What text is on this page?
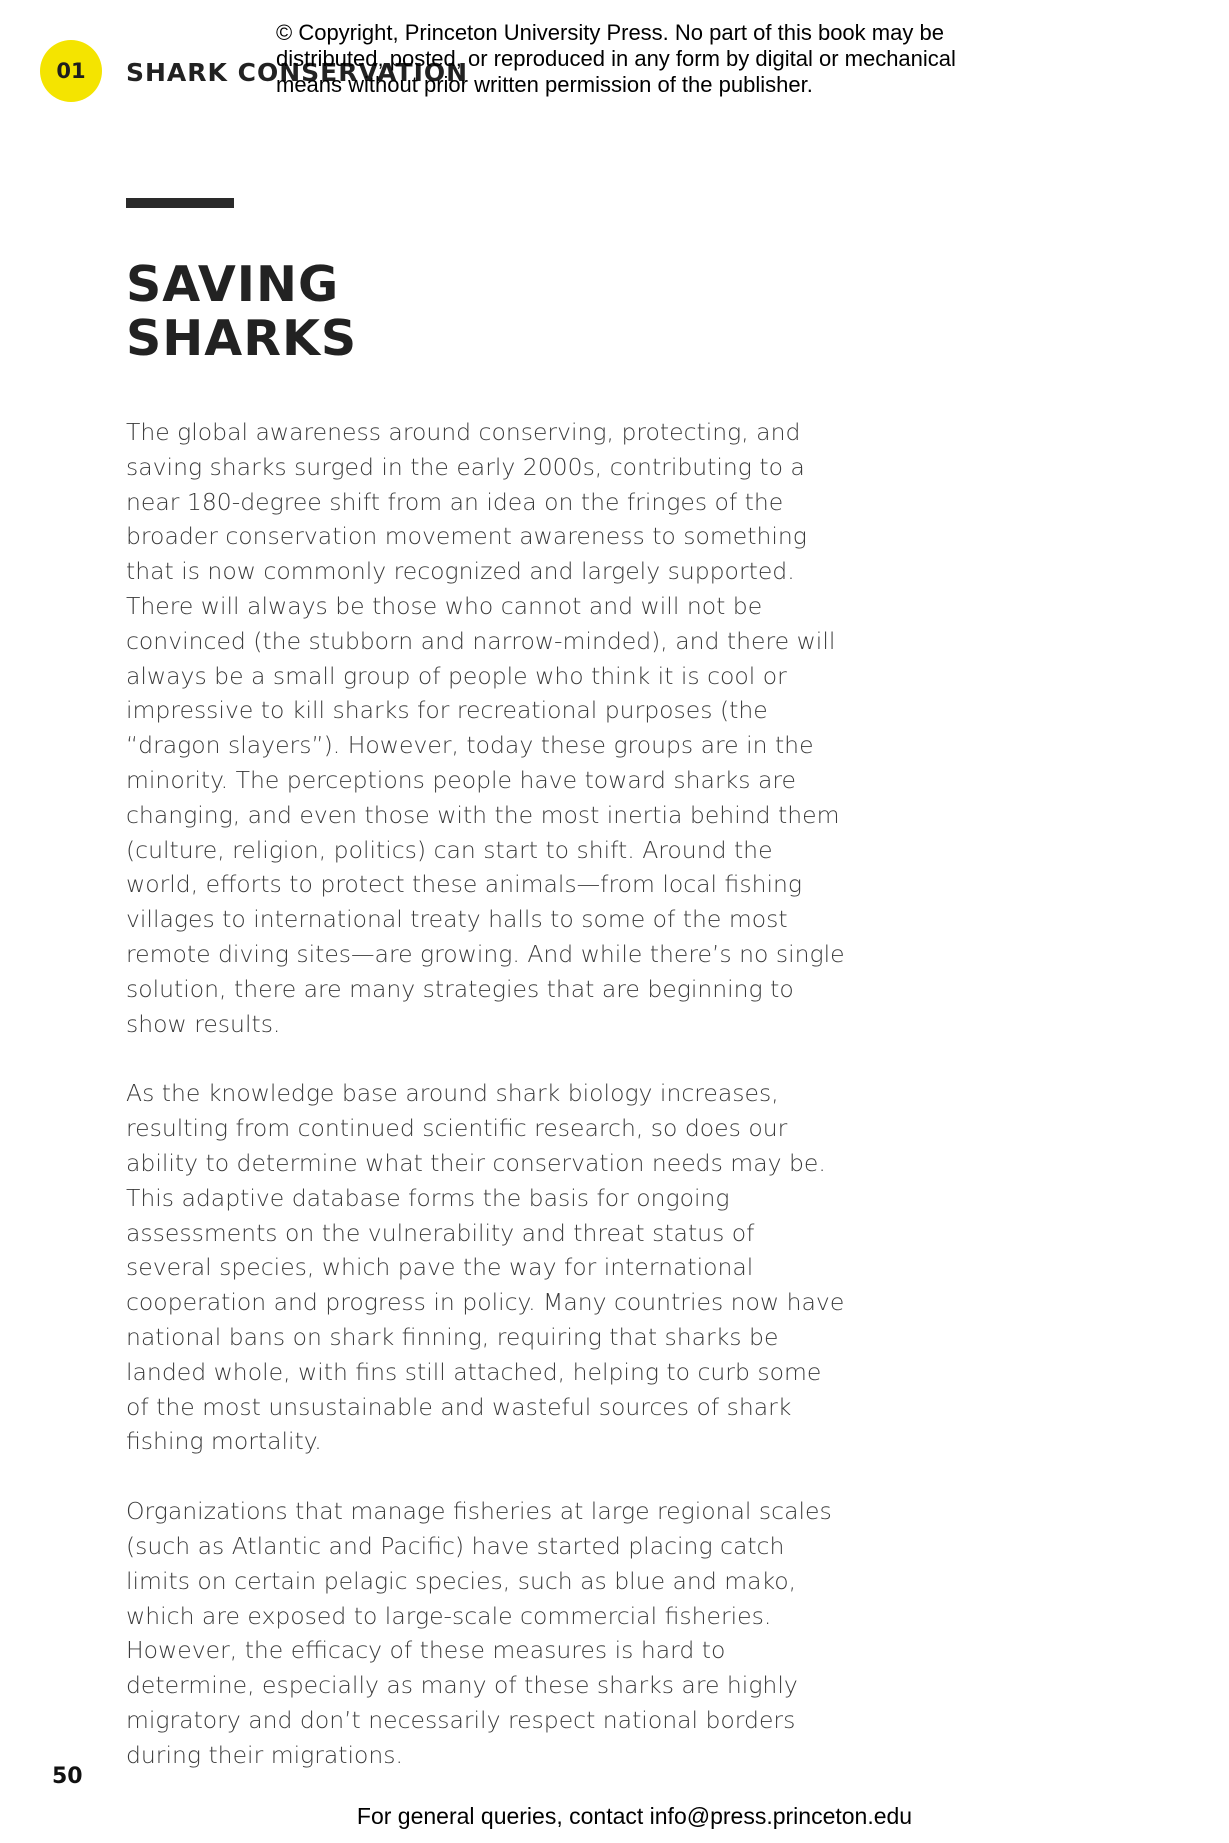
© Copyright, Princeton University Press. No part of this book may be distributed, posted, or reproduced in any form by digital or mechanical means without prior written permission of the publisher.
01	SHARK CONSERVATION
SAVING
SHARKS

The global awareness around conserving, protecting, and saving sharks surged in the early 2000s, contributing to a near 180-degree shift from an idea on the fringes of the broader conservation movement awareness to something that is now commonly recognized and largely supported. There will always be those who cannot and will not be convinced (the stubborn and narrow-minded), and there will always be a small group of people who think it is cool or impressive to kill sharks for recreational purposes (the “dragon slayers”). However, today these groups are in the minority. The perceptions people have toward sharks are changing, and even those with the most inertia behind them (culture, religion, politics) can start to shift. Around the world, efforts to protect these animals—from local fishing villages to international treaty halls to some of the most remote diving sites—are growing. And while there’s no single solution, there are many strategies that are beginning to show results.

As the knowledge base around shark biology increases, resulting from continued scientific research, so does our ability to determine what their conservation needs may be. This adaptive database forms the basis for ongoing assessments on the vulnerability and threat status of several species, which pave the way for international cooperation and progress in policy. Many countries now have national bans on shark finning, requiring that sharks be landed whole, with fins still attached, helping to curb some of the most unsustainable and wasteful sources of shark fishing mortality.

Organizations that manage fisheries at large regional scales (such as Atlantic and Pacific) have started placing catch limits on certain pelagic species, such as blue and mako, which are exposed to large-scale commercial fisheries. However, the efficacy of these measures is hard to determine, especially as many of these sharks are highly migratory and don’t necessarily respect national borders during their migrations.

50
For general queries, contact info@press.princeton.edu
